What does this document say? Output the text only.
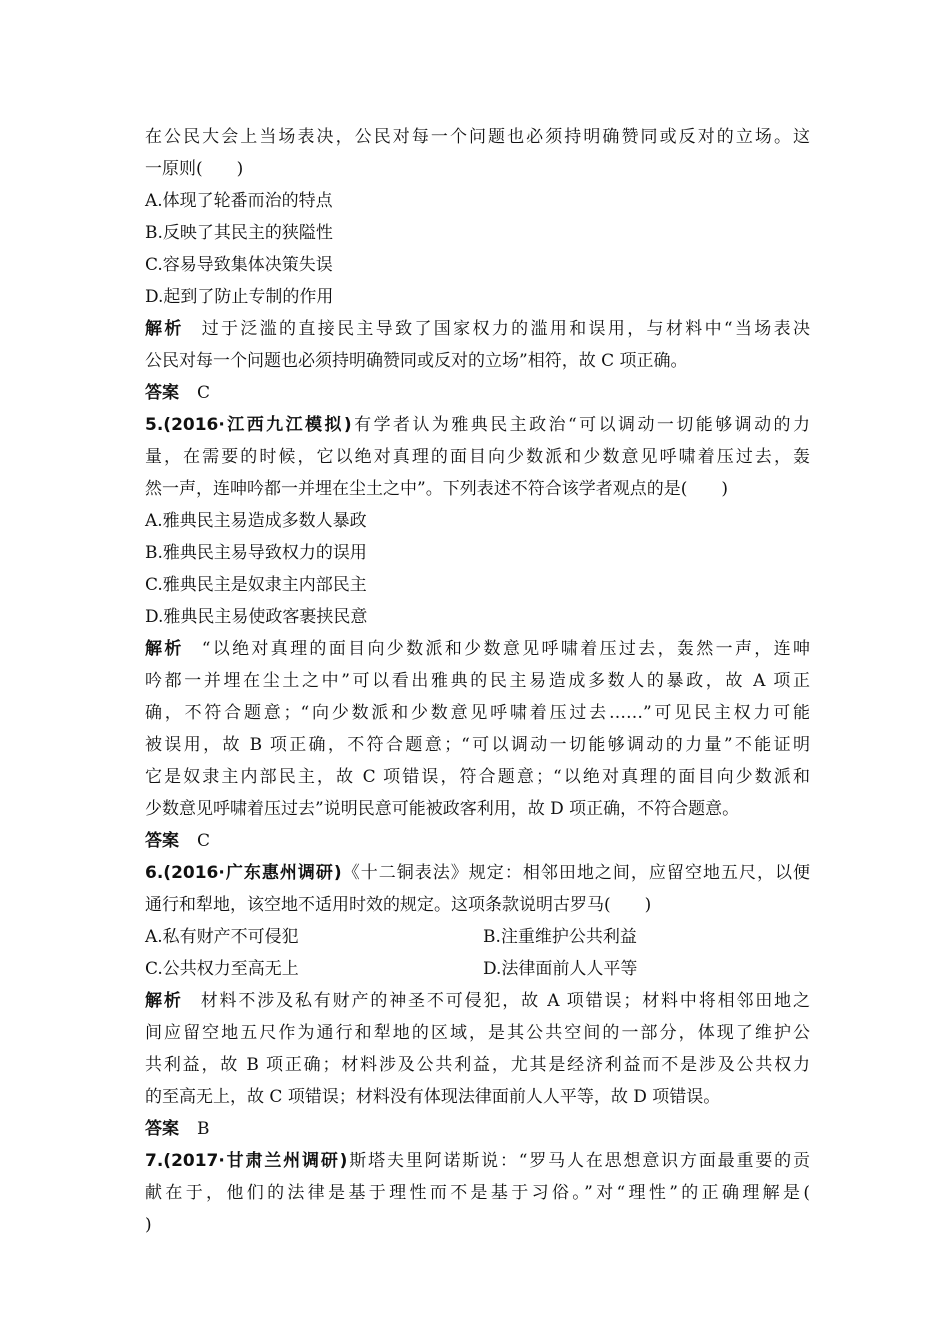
在公民大会上当场表决，公民对每一个问题也必须持明确赞同或反对的立场。这
一原则(　　)
A.体现了轮番而治的特点
B.反映了其民主的狭隘性
C.容易导致集体决策失误
D.起到了防止专制的作用
解析 过于泛滥的直接民主导致了国家权力的滥用和误用，与材料中“当场表决
公民对每一个问题也必须持明确赞同或反对的立场”相符，故 C 项正确。
答案 C
5.(2016·江西九江模拟)有学者认为雅典民主政治“可以调动一切能够调动的力
量，在需要的时候，它以绝对真理的面目向少数派和少数意见呼啸着压过去，轰
然一声，连呻吟都一并埋在尘土之中”。下列表述不符合该学者观点的是(　　)
A.雅典民主易造成多数人暴政
B.雅典民主易导致权力的误用
C.雅典民主是奴隶主内部民主
D.雅典民主易使政客裹挟民意
解析 “以绝对真理的面目向少数派和少数意见呼啸着压过去，轰然一声，连呻
吟都一并埋在尘土之中”可以看出雅典的民主易造成多数人的暴政，故 A 项正
确，不符合题意；“向少数派和少数意见呼啸着压过去……”可见民主权力可能
被误用，故 B 项正确，不符合题意；“可以调动一切能够调动的力量”不能证明
它是奴隶主内部民主，故 C 项错误，符合题意；“以绝对真理的面目向少数派和
少数意见呼啸着压过去”说明民意可能被政客利用，故 D 项正确，不符合题意。
答案 C
6.(2016·广东惠州调研)《十二铜表法》规定：相邻田地之间，应留空地五尺，以便
通行和犁地，该空地不适用时效的规定。这项条款说明古罗马(　　)
A.私有财产不可侵犯	B.注重维护公共利益
C.公共权力至高无上	D.法律面前人人平等
解析 材料不涉及私有财产的神圣不可侵犯，故 A 项错误；材料中将相邻田地之
间应留空地五尺作为通行和犁地的区域，是其公共空间的一部分，体现了维护公
共利益，故 B 项正确；材料涉及公共利益，尤其是经济利益而不是涉及公共权力
的至高无上，故 C 项错误；材料没有体现法律面前人人平等，故 D 项错误。
答案 B
7.(2017·甘肃兰州调研)斯塔夫里阿诺斯说：“罗马人在思想意识方面最重要的贡
献在于，他们的法律是基于理性而不是基于习俗。”对“理性”的正确理解是(
)
